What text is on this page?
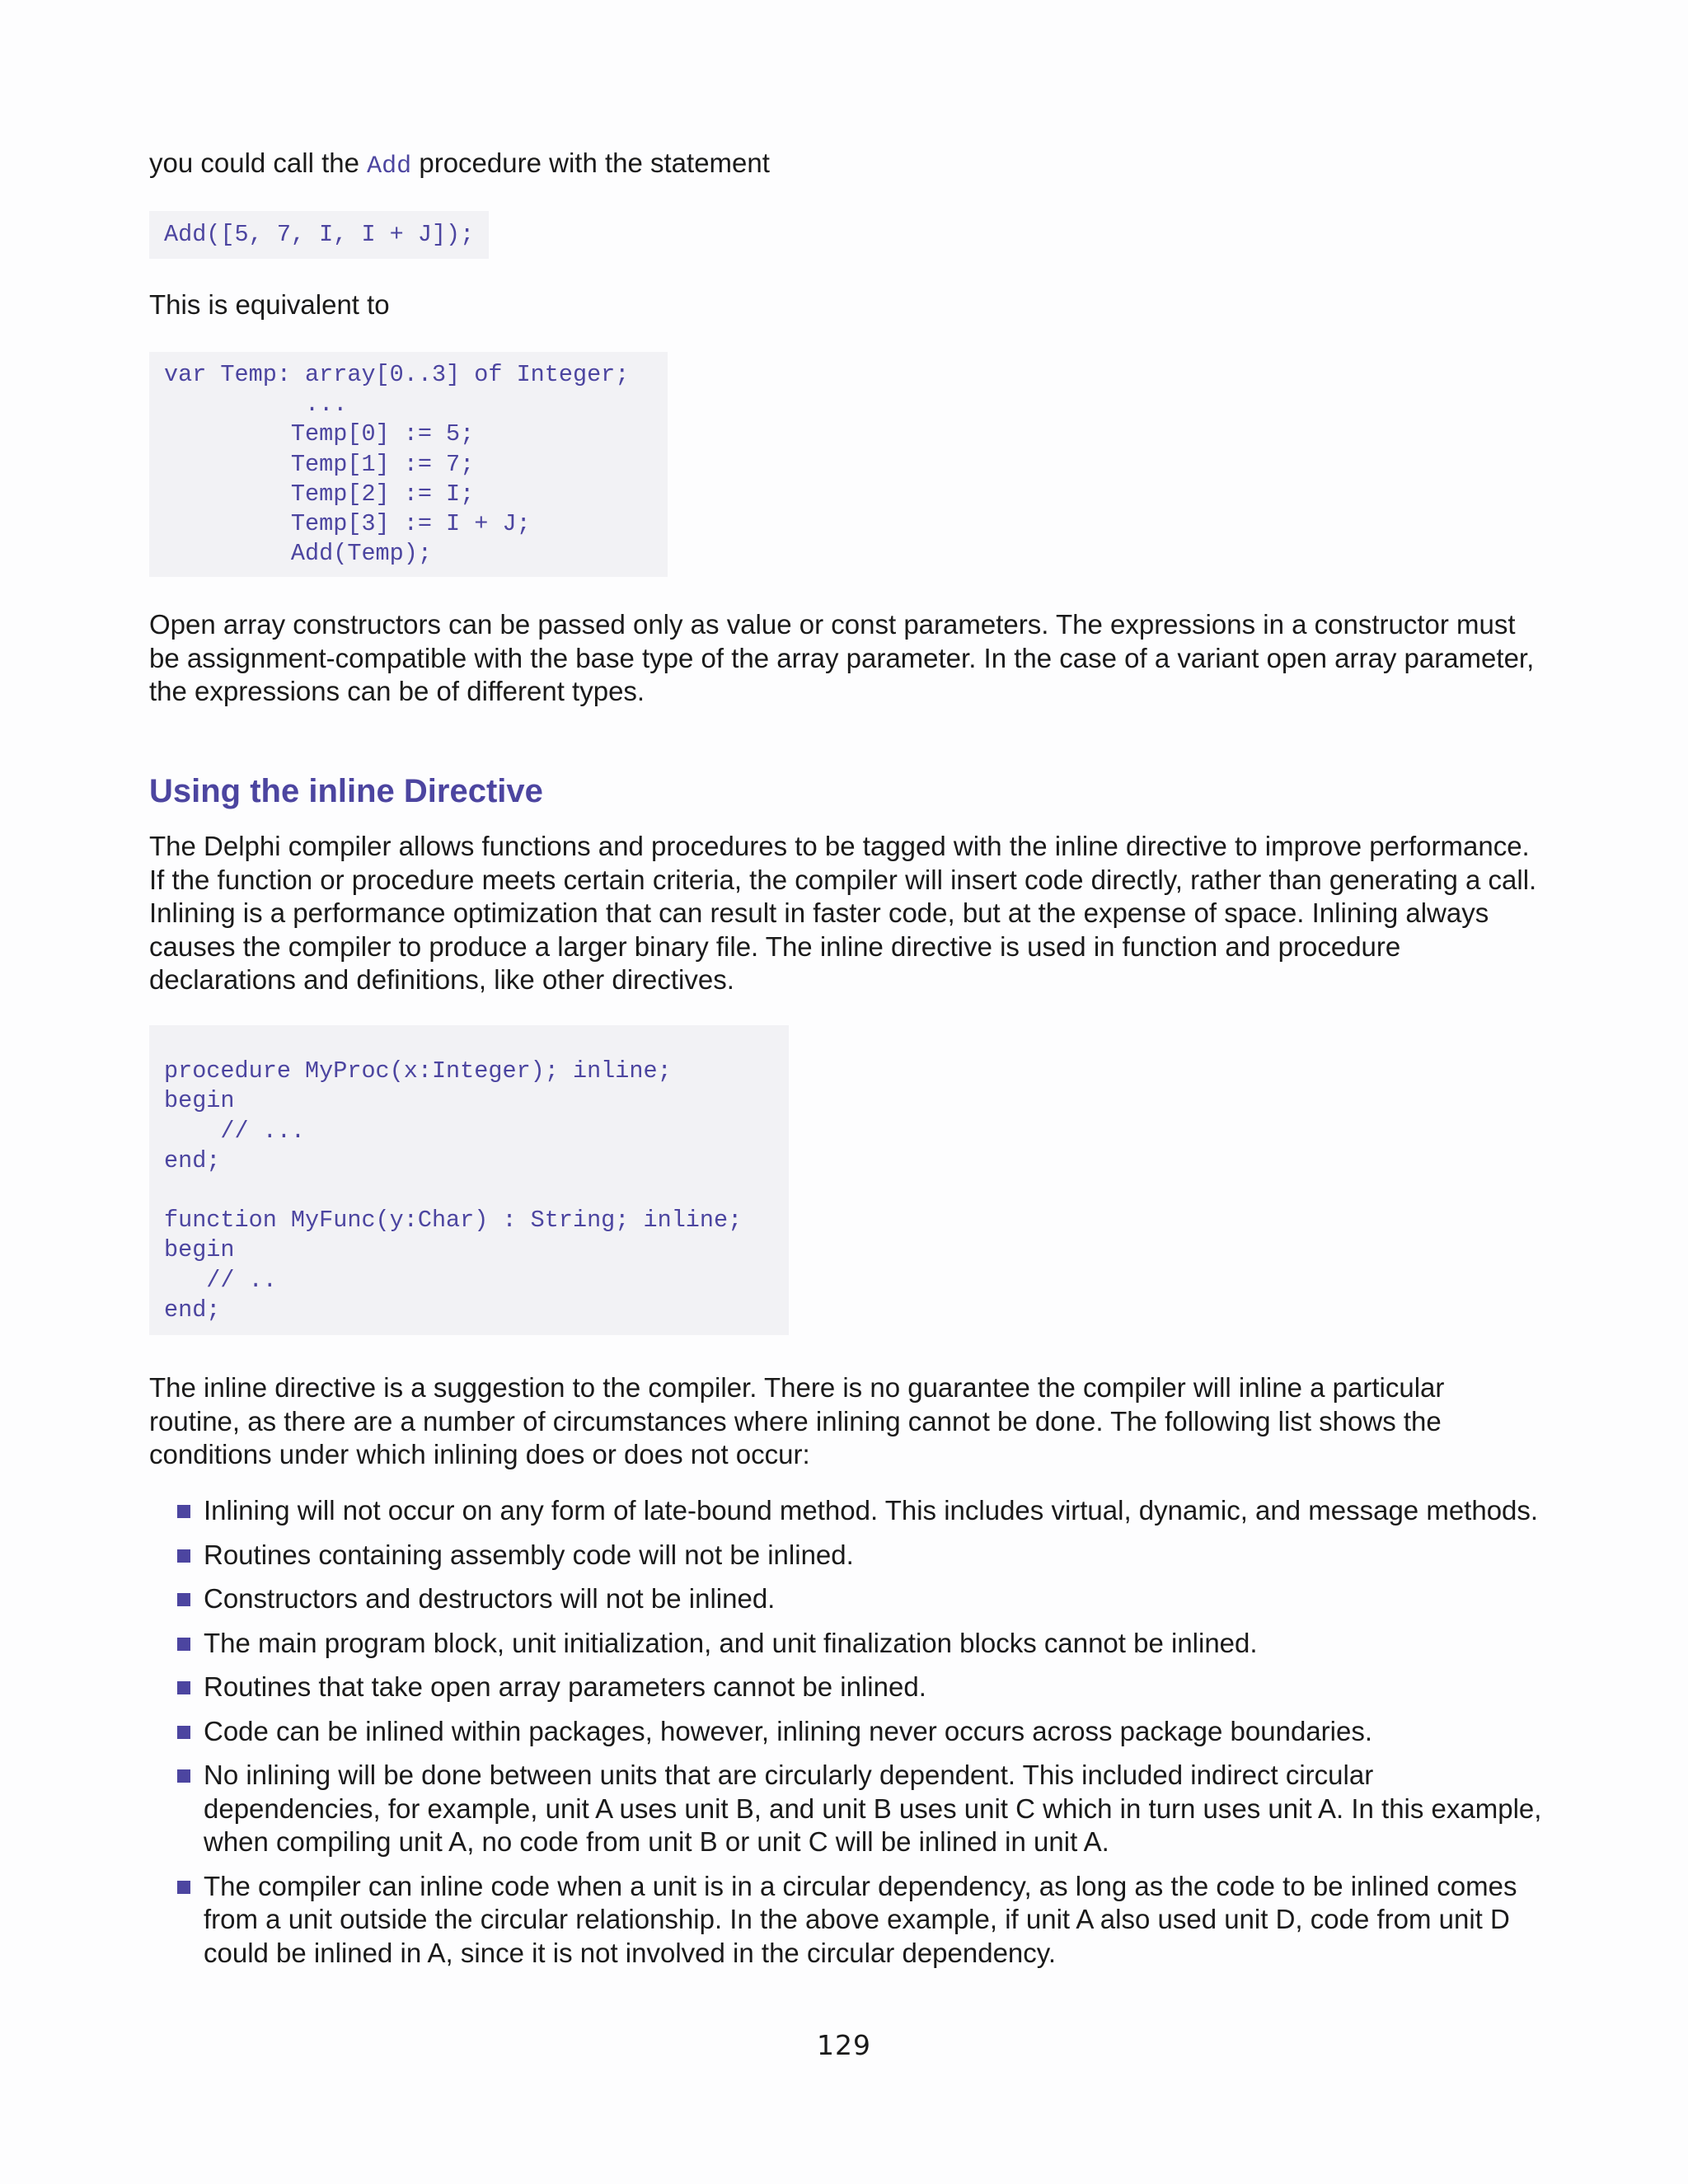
you could call the Add procedure with the statement

Add([5, 7, I, I + J]);

This is equivalent to

var Temp: array[0..3] of Integer;
...
Temp[0] := 5;
Temp[1] := 7;
Temp[2] := I;
Temp[3] := I + J;
Add(Temp);

Open array constructors can be passed only as value or const parameters. The expressions in a constructor must be assignment-compatible with the base type of the array parameter. In the case of a variant open array parameter, the expressions can be of different types.

Using the inline Directive

The Delphi compiler allows functions and procedures to be tagged with the inline directive to improve performance. If the function or procedure meets certain criteria, the compiler will insert code directly, rather than generating a call. Inlining is a performance optimization that can result in faster code, but at the expense of space. Inlining always causes the compiler to produce a larger binary file. The inline directive is used in function and procedure declarations and definitions, like other directives.

procedure MyProc(x:Integer); inline;
begin
// ...
end;

function MyFunc(y:Char) : String; inline;
begin
// ..
end;

The inline directive is a suggestion to the compiler. There is no guarantee the compiler will inline a particular routine, as there are a number of circumstances where inlining cannot be done. The following list shows the conditions under which inlining does or does not occur:

Inlining will not occur on any form of late-bound method. This includes virtual, dynamic, and message methods.
Routines containing assembly code will not be inlined.
Constructors and destructors will not be inlined.
The main program block, unit initialization, and unit finalization blocks cannot be inlined.
Routines that take open array parameters cannot be inlined.
Code can be inlined within packages, however, inlining never occurs across package boundaries.
No inlining will be done between units that are circularly dependent. This included indirect circular dependencies, for example, unit A uses unit B, and unit B uses unit C which in turn uses unit A. In this example, when compiling unit A, no code from unit B or unit C will be inlined in unit A.
The compiler can inline code when a unit is in a circular dependency, as long as the code to be inlined comes from a unit outside the circular relationship. In the above example, if unit A also used unit D, code from unit D could be inlined in A, since it is not involved in the circular dependency.
129
